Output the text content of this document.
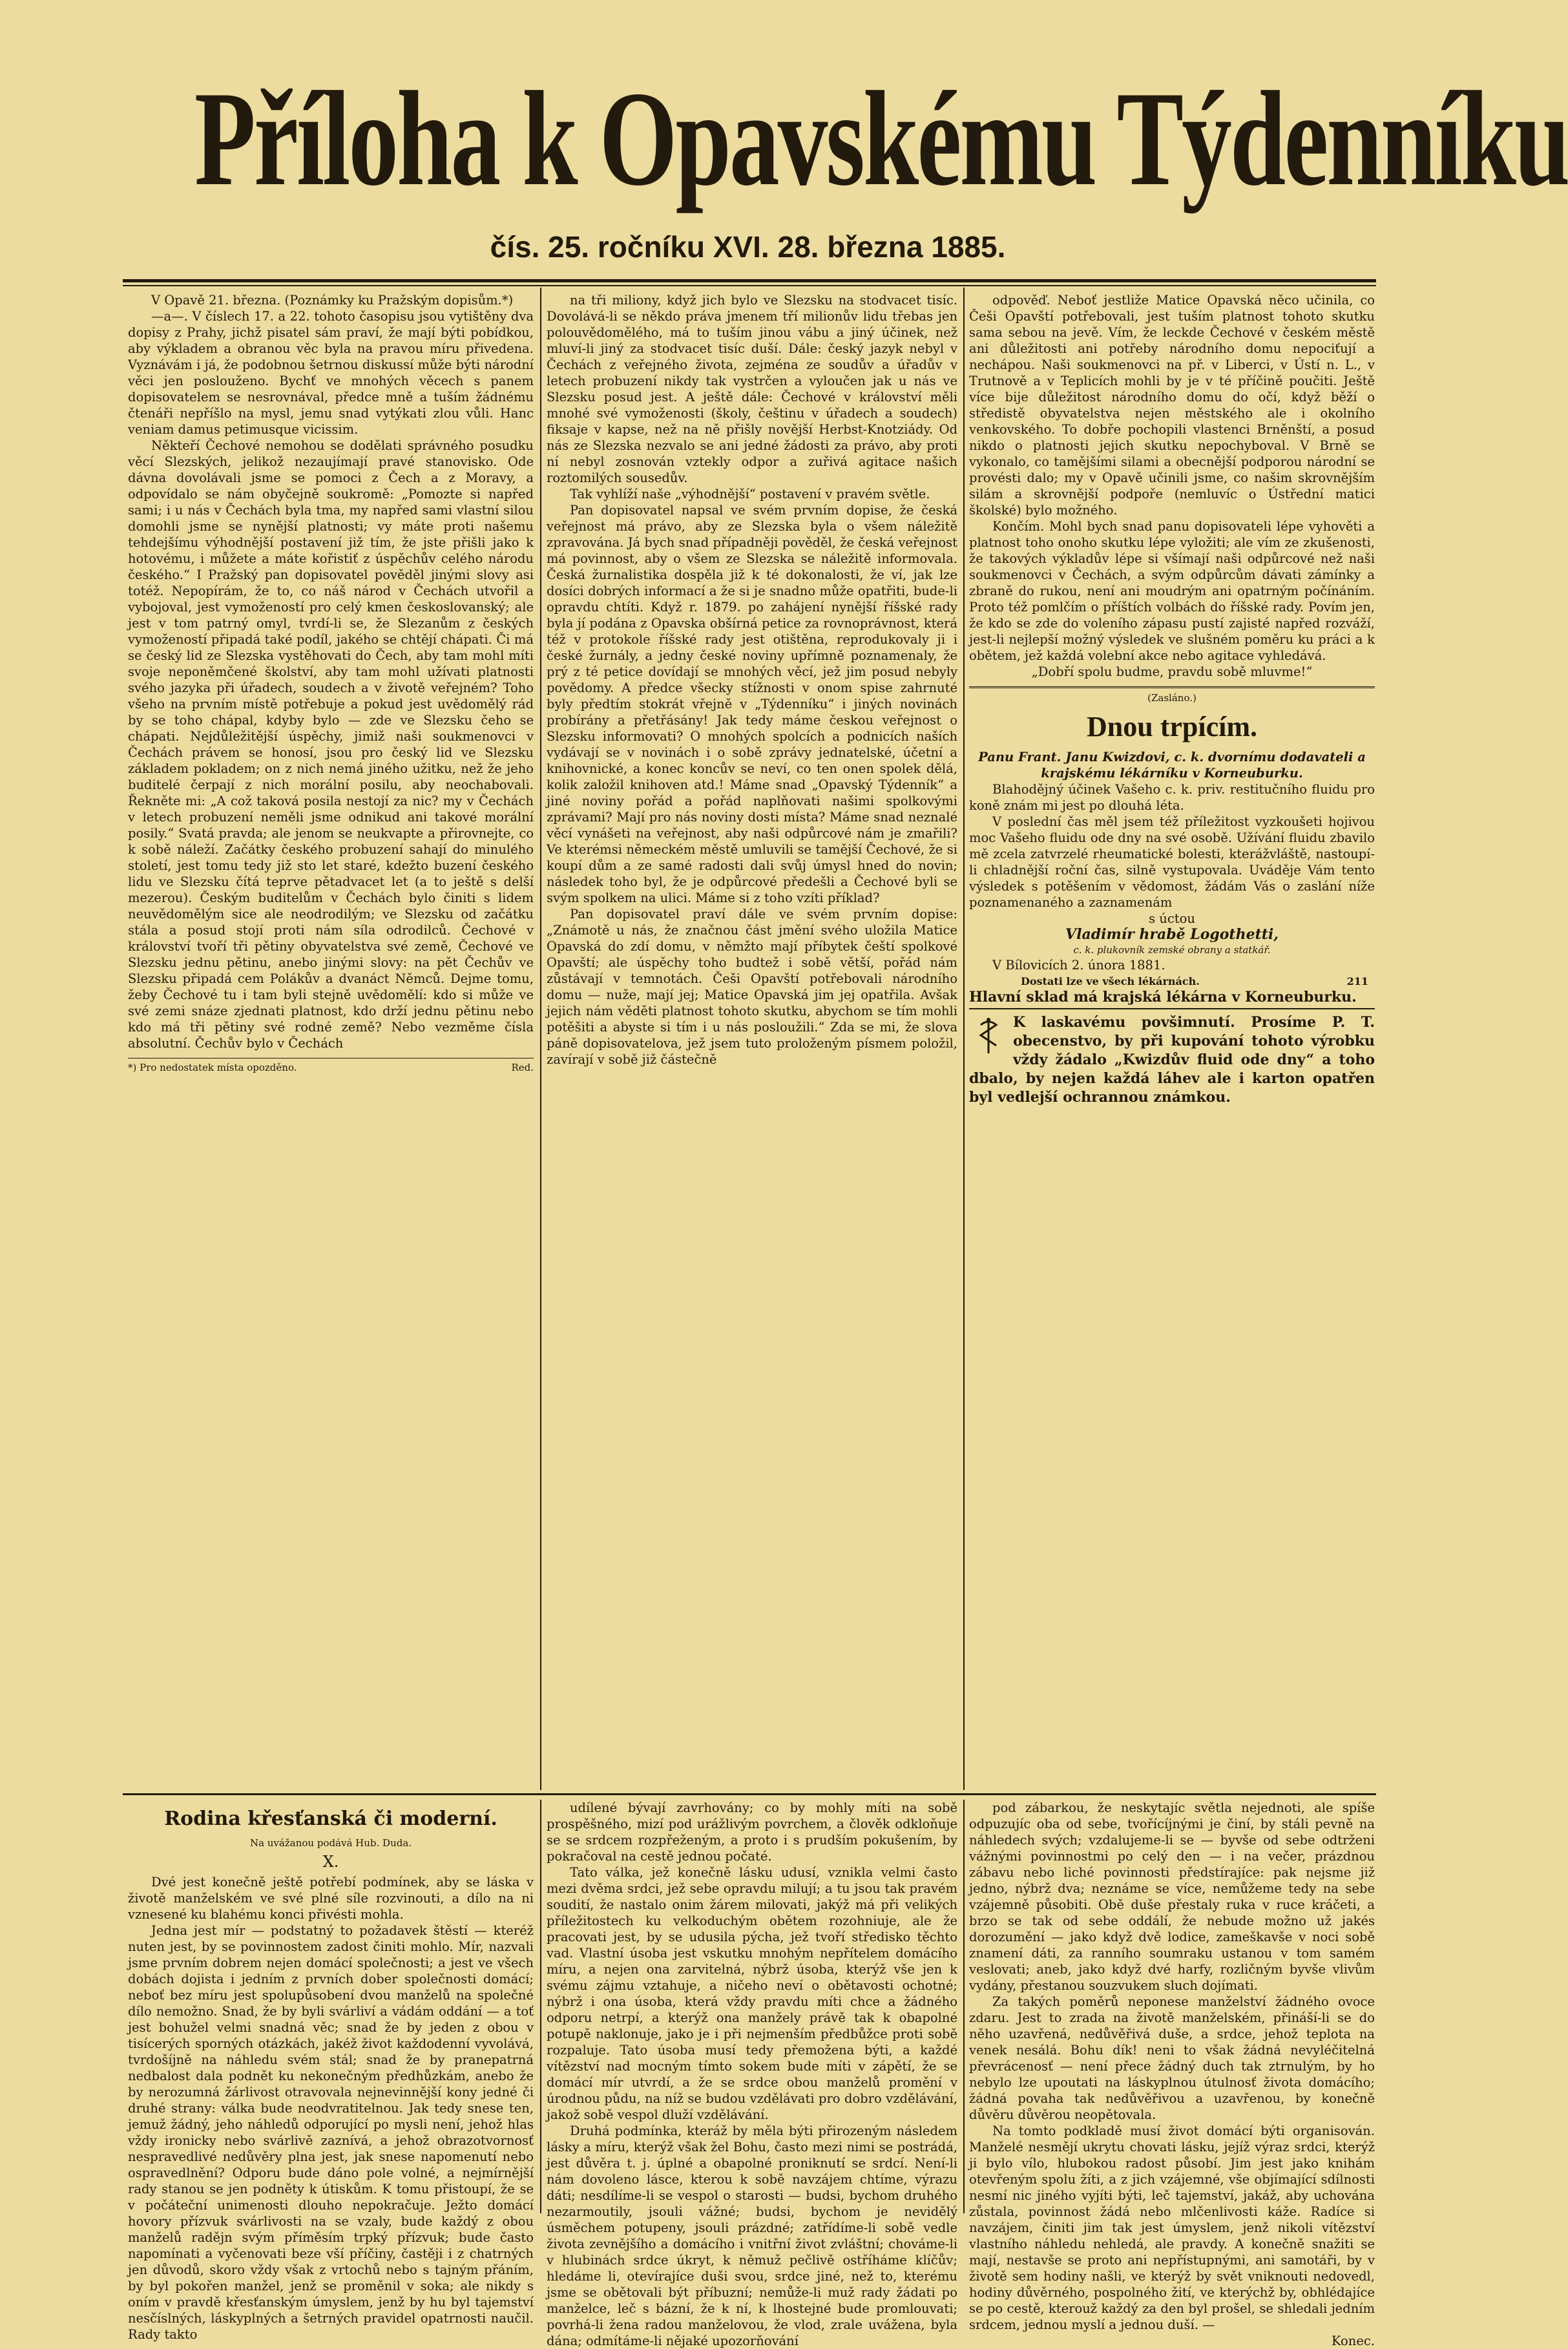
Příloha k Opavskému Týdenníku
čís. 25. ročníku XVI. 28. března 1885.

V Opavě 21. března. (Poznámky ku Pražským dopisům.*)

—a—. V číslech 17. a 22. tohoto časopisu jsou vytištěny dva dopisy z Prahy, jichž pisatel sám praví, že mají býti pobídkou, aby výkladem a obranou věc byla na pravou míru přivedena. Vyznávám i já, že podobnou šetrnou diskussí může býti národní věci jen poslouženo. Bychť ve mnohých věcech s panem dopisovatelem se nesrovnával, předce mně a tuším žádnému čtenáři nepříšlo na mysl, jemu snad vytýkati zlou vůli. Hanc veniam damus petimusque vicissim.

Někteří Čechové nemohou se dodělati správného posudku věcí Slezských, jelikož nezaujímají pravé stanovisko. Ode dávna dovolávali jsme se pomoci z Čech a z Moravy, a odpovídalo se nám obyčejně soukromě: „Pomozte si napřed sami; i u nás v Čechách byla tma, my napřed sami vlastní silou domohli jsme se nynější platnosti; vy máte proti našemu tehdejšímu výhodnější postavení již tím, že jste přišli jako k hotovému, i můžete a máte kořistiť z úspěchův celého národu českého.“ I Pražský pan dopisovatel pověděl jinými slovy asi totéž. Nepopírám, že to, co náš národ v Čechách utvořil a vybojoval, jest vymožeností pro celý kmen českoslovanský; ale jest v tom patrný omyl, tvrdí-li se, že Slezanům z českých vymožeností připadá také podíl, jakého se chtějí chápati. Či má se český lid ze Slezska vystěhovati do Čech, aby tam mohl míti svoje neponěmčené školství, aby tam mohl užívati platnosti svého jazyka při úřadech, soudech a v životě veřejném? Toho všeho na prvním místě potřebuje a pokud jest uvědomělý rád by se toho chápal, kdyby bylo — zde ve Slezsku čeho se chápati. Nejdůležitější úspěchy, jimiž naši soukmenovci v Čechách právem se honosí, jsou pro český lid ve Slezsku základem pokladem; on z nich nemá jiného užitku, než že jeho buditelé čerpají z nich morální posilu, aby neochabovali. Řekněte mi: „A což taková posila nestojí za nic? my v Čechách v letech probuzení neměli jsme odnikud ani takové morální posily.“ Svatá pravda; ale jenom se neukvapte a přirovnejte, co k sobě náleží. Začátky českého probuzení sahají do minulého století, jest tomu tedy již sto let staré, kdežto buzení českého lidu ve Slezsku čítá teprve pětadvacet let (a to ještě s delší mezerou). Českým buditelům v Čechách bylo činiti s lidem neuvědomělým sice ale neodrodilým; ve Slezsku od začátku stála a posud stojí proti nám síla odrodilců. Čechové v království tvoří tři pětiny obyvatelstva své země, Čechové ve Slezsku jednu pětinu, anebo jinými slovy: na pět Čechův ve Slezsku připadá cem Polákův a dvanáct Němců. Dejme tomu, žeby Čechové tu i tam byli stejně uvědomělí: kdo si může ve své zemi snáze zjednati platnost, kdo drží jednu pětinu nebo kdo má tři pětiny své rodné země? Nebo vezměme čísla absolutní. Čechův bylo v Čechách

*) Pro nedostatek místa opozděno.	Red.

na tři miliony, když jich bylo ve Slezsku na stodvacet tisíc. Dovolává-li se někdo práva jmenem tří milionův lidu třebas jen polouvědomělého, má to tuším jinou vábu a jiný účinek, než mluví-li jiný za stodvacet tisíc duší. Dále: český jazyk nebyl v Čechách z veřejného života, zejména ze soudův a úřadův v letech probuzení nikdy tak vystrčen a vyloučen jak u nás ve Slezsku posud jest. A ještě dále: Čechové v království měli mnohé své vymoženosti (školy, češtinu v úřadech a soudech) fiksaje v kapse, než na ně přišly novější Herbst-Knotziády. Od nás ze Slezska nezvalo se ani jedné žádosti za právo, aby proti ní nebyl zosnován vztekly odpor a zuřivá agitace našich roztomilých sousedův.

Tak vyhlíží naše „výhodnější“ postavení v pravém světle.

Pan dopisovatel napsal ve svém prvním dopise, že česká veřejnost má právo, aby ze Slezska byla o všem náležitě zpravována. Já bych snad případněji pověděl, že česká veřejnost má povinnost, aby o všem ze Slezska se náležitě informovala. Česká žurnalistika dospěla již k té dokonalosti, že ví, jak lze dosíci dobrých informací a že si je snadno může opatřiti, bude-li opravdu chtíti. Když r. 1879. po zahájení nynější říšské rady byla jí podána z Opavska obšírná petice za rovnoprávnost, která též v protokole říšské rady jest otištěna, reprodukovaly ji i české žurnály, a jedny české noviny upřímně poznamenaly, že prý z té petice dovídají se mnohých věcí, jež jim posud nebyly povědomy. A předce všecky stížnosti v onom spise zahrnuté byly předtím stokrát vřejně v „Týdenníku“ i jiných novinách probírány a přetřásány! Jak tedy máme českou veřejnost o Slezsku informovati? O mnohých spolcích a podnicích naších vydávají se v novinách i o sobě zprávy jednatelské, účetní a knihovnické, a konec koncův se neví, co ten onen spolek dělá, kolik založil knihoven atd.! Máme snad „Opavský Týdenník“ a jiné noviny pořád a pořád naplňovati našimi spolkovými zprávami? Mají pro nás noviny dosti místa? Máme snad neznalé věcí vynášeti na veřejnost, aby naši odpůrcové nám je zmařili? Ve kterémsi německém městě umluvili se tamější Čechové, že si koupí dům a ze samé radosti dali svůj úmysl hned do novin; následek toho byl, že je odpůrcové předešli a Čechové byli se svým spolkem na ulici. Máme si z toho vzíti příklad?

Pan dopisovatel praví dále ve svém prvním dopise: „Známotě u nás, že značnou část jmění svého uložila Matice Opavská do zdí domu, v němžto mají příbytek čeští spolkové Opavští; ale úspěchy toho budtež i sobě větší, pořád nám zůstávají v temnotách. Češi Opavští potřebovali národního domu — nuže, mají jej; Matice Opavská jim jej opatřila. Avšak jejich nám věděti platnost tohoto skutku, abychom se tím mohli potěšiti a abyste si tím i u nás posloužili.“ Zda se mi, že slova páně dopisovatelova, jež jsem tuto proloženým písmem položil, zavírají v sobě již částečně

odpověď. Neboť jestliže Matice Opavská něco učinila, co Češi Opavští potřebovali, jest tuším platnost tohoto skutku sama sebou na jevě. Vím, že leckde Čechové v českém městě ani důležitosti ani potřeby národního domu nepociťují a nechápou. Naši soukmenovci na př. v Liberci, v Ústí n. L., v Trutnově a v Teplicích mohli by je v té příčině poučiti. Ještě více bije důležitost národního domu do očí, když běží o středistě obyvatelstva nejen městského ale i okolního venkovského. To dobře pochopili vlastenci Brněnští, a posud nikdo o platnosti jejich skutku nepochyboval. V Brně se vykonalo, co tamějšími silami a obecnější podporou národní se provésti dalo; my v Opavě učinili jsme, co našim skrovnějším silám a skrovnější podpoře (nemluvíc o Ústřední matici školské) bylo možného.

Končím. Mohl bych snad panu dopisovateli lépe vyhověti a platnost toho onoho skutku lépe vyložiti; ale vím ze zkušenosti, že takových výkladův lépe si všímají naši odpůrcové než naši soukmenovci v Čechách, a svým odpůrcům dávati zámínky a zbraně do rukou, není ani moudrým ani opatrným počínáním. Proto též pomlčím o příštích volbách do říšské rady. Povím jen, že kdo se zde do voleního zápasu pustí zajisté napřed rozváží, jest-li nejlepší možný výsledek ve slušném poměru ku práci a k obětem, jež každá volební akce nebo agitace vyhledává.

„Dobří spolu budme, pravdu sobě mluvme!“

(Zasláno.)
Dnou trpícím.

Panu Frant. Janu Kwizdovi, c. k. dvornímu dodavateli a krajskému lékárníku v Korneuburku.

Blahodějný účinek Vašeho c. k. priv. restitučního fluidu pro koně znám mi jest po dlouhá léta.

V poslední čas měl jsem též příležitost vyzkoušeti hojivou moc Vašeho fluidu ode dny na své osobě. Užívání fluidu zbavilo mě zcela zatvrzelé rheumatické bolesti, kterážvláště, nastoupí-li chladnější roční čas, silně vystupovala. Uváděje Vám tento výsledek s potěšením v vědomost, žádám Vás o zaslání níže poznamenaného a zaznamenám

s úctou

Vladimír hrabě Logothetti,
c. k. plukovník zemské obrany a statkář.

V Bílovicích 2. února 1881.

Dostati lze ve všech lékárnách.	211
Hlavní sklad má krajská lékárna v Korneuburku.
K laskavému povšimnutí. Prosíme P. T. obecenstvo, by při kupování tohoto výrobku vždy žádalo „Kwizdův fluid ode dny“ a toho dbalo, by nejen každá láhev ale i karton opatřen byl vedlejší ochrannou známkou.
Rodina křesťanská či moderní.
Na uvážanou podává Hub. Duda.
X.

Dvé jest konečně ještě potřebí podmínek, aby se láska v životě manželském ve své plné síle rozvinouti, a dílo na ni vznesené ku blahému konci přivésti mohla.

Jedna jest mír — podstatný to požadavek štěstí — kteréž nuten jest, by se povinnostem zadost činiti mohlo. Mír, nazvali jsme prvním dobrem nejen domácí společnosti; a jest ve všech dobách dojista i jedním z prvních dober společnosti domácí; neboť bez míru jest spolupůsobení dvou manželů na společné dílo nemožno. Snad, že by byli svárliví a vádám oddání — a toť jest bohužel velmi snadná věc; snad že by jeden z obou v tisícerých sporných otázkách, jakéž život každodenní vyvolává, tvrdošíjně na náhledu svém stál; snad že by pranepatrná nedbalost dala podnět ku nekonečným předhůzkám, anebo že by nerozumná žárlivost otravovala nejnevinnější kony jedné či druhé strany: válka bude neodvratitelnou. Jak tedy snese ten, jemuž žádný, jeho náhledů odporující po mysli není, jehož hlas vždy ironicky nebo svárlivě zaznívá, a jehož obrazotvornosť nespravedlivé nedůvěry plna jest, jak snese napomenutí nebo ospravedlnění? Odporu bude dáno pole volné, a nejmírnější rady stanou se jen podněty k útiskům. K tomu přistoupí, že se v počáteční unimenosti dlouho nepokračuje. Ježto domácí hovory přízvuk svárlivosti na se vzaly, bude každý z obou manželů radějn svým příměsím trpký přízvuk; bude často napomínati a vyčenovati beze vší příčiny, častěji i z chatrných jen důvodů, skoro vždy však z vrtochů nebo s tajným přáním, by byl pokořen manžel, jenž se proměnil v soka; ale nikdy s oním v pravdě křesťanským úmyslem, jenž by hu byl tajemství nesčíslných, láskyplných a šetrných pravidel opatrnosti naučil. Rady takto

udílené bývají zavrhovány; co by mohly míti na sobě prospěšného, mizí pod urážlivým povrchem, a člověk odkloňuje se se srdcem rozpřeženým, a proto i s prudším pokušením, by pokračoval na cestě jednou počaté.

Tato válka, jež konečně lásku udusí, vznikla velmi často mezi dvěma srdci, jež sebe opravdu milují; a tu jsou tak pravém soudití, že nastalo onim žárem milovati, jakýž má při velikých příležitostech ku velkoduchým obětem rozohniuje, ale že pracovati jest, by se udusila pýcha, jež tvoří středisko těchto vad. Vlastní úsoba jest vskutku mnohým nepřítelem domácího míru, a nejen ona zarvitelná, nýbrž úsoba, kterýž vše jen k svému zájmu vztahuje, a ničeho neví o obětavosti ochotné; nýbrž i ona úsoba, která vždy pravdu míti chce a žádného odporu netrpí, a kterýž ona manžely právě tak k obapolné potupě naklonuje, jako je i při nejmenším předbůžce proti sobě rozpaluje. Tato úsoba musí tedy přemožena býti, a každé vítězství nad mocným tímto sokem bude míti v zápětí, že se domácí mír utvrdí, a že se srdce obou manželů promění v úrodnou půdu, na níž se budou vzdělávati pro dobro vzdělávání, jakož sobě vespol dluží vzdělávání.

Druhá podmínka, kteráž by měla býti přirozeným následem lásky a míru, kterýž však žel Bohu, často mezi nimi se postrádá, jest důvěra t. j. úplné a obapolné proniknutí se srdcí. Není-li nám dovoleno lásce, kterou k sobě navzájem chtíme, výrazu dáti; nesdílíme-li se vespol o starosti — budsi, bychom druhého nezarmoutily, jsouli vážné; budsi, bychom je nevidělý úsměchem potupeny, jsouli prázdné; zatřídíme-li sobě vedle života zevnějšího a domácího i vnitřní život zvláštní; chováme-li v hlubinách srdce úkryt, k němuž pečlivě ostříháme klíčův; hledáme li, otevírajíce duši svou, srdce jiné, než to, kterému jsme se obětovali být příbuzní; nemůže-li muž rady žádati po manželce, leč s bázní, že k ní, k lhostejné bude promlouvati; povrhá-li žena radou manželovou, že vlod, zrale uvážena, byla dána; odmítáme-li nějaké upozorňování

pod zábarkou, že neskytajíc světla nejednoti, ale spíše odpuzujíc oba od sebe, tvořícíjnými je činí, by stáli pevně na náhledech svých; vzdalujeme-li se — byvše od sebe odtrženi vážnými povinnostmi po celý den — i na večer, prázdnou zábavu nebo liché povinnosti předstírajíce: pak nejsme již jedno, nýbrž dva; neznáme se více, nemůžeme tedy na sebe vzájemně působiti. Obě duše přestaly ruka v ruce kráčeti, a brzo se tak od sebe oddálí, že nebude možno už jakés dorozumění — jako když dvě lodice, zameškavše v noci sobě znamení dáti, za ranního soumraku ustanou v tom samém veslovati; aneb, jako když dvé harfy, rozličným byvše vlivům vydány, přestanou souzvukem sluch dojímati.

Za takých poměrů neponese manželství žádného ovoce zdaru. Jest to zrada na životě manželském, přináší-li se do něho uzavřená, nedůvěřivá duše, a srdce, jehož teplota na venek nesálá. Bohu dík! neni to však žádná nevyléčitelná převrácenosť — není přece žádný duch tak ztrnulým, by ho nebylo lze upoutati na láskyplnou útulnosť života domácího; žádná povaha tak nedůvěřivou a uzavřenou, by konečně důvěru důvěrou neopětovala.

Na tomto podkladě musí život domácí býti organisován. Manželé nesmějí ukrytu chovati lásku, jejíž výraz srdci, kterýž ji bylo vílo, hlubokou radost působí. Jim jest jako knihám otevřeným spolu žíti, a z jich vzájemné, vše objímající sdílnosti nesmí nic jiného vyjíti býti, leč tajemství, jakáž, aby uchována zůstala, povinnost žádá nebo mlčenlivosti káže. Radíce si navzájem, činiti jim tak jest úmyslem, jenž nikoli vítězství vlastního náhledu nehledá, ale pravdy. A konečně snažiti se mají, nestavše se proto ani nepřístupnými, ani samotáři, by v životě sem hodiny našli, ve kterýž by svět vniknouti nedovedl, hodiny důvěrného, pospolného žití, ve kterýchž by, obhlédajíce se po cestě, kterouž každý za den byl prošel, se shledali jedním srdcem, jednou myslí a jednou duší. —

Konec.
